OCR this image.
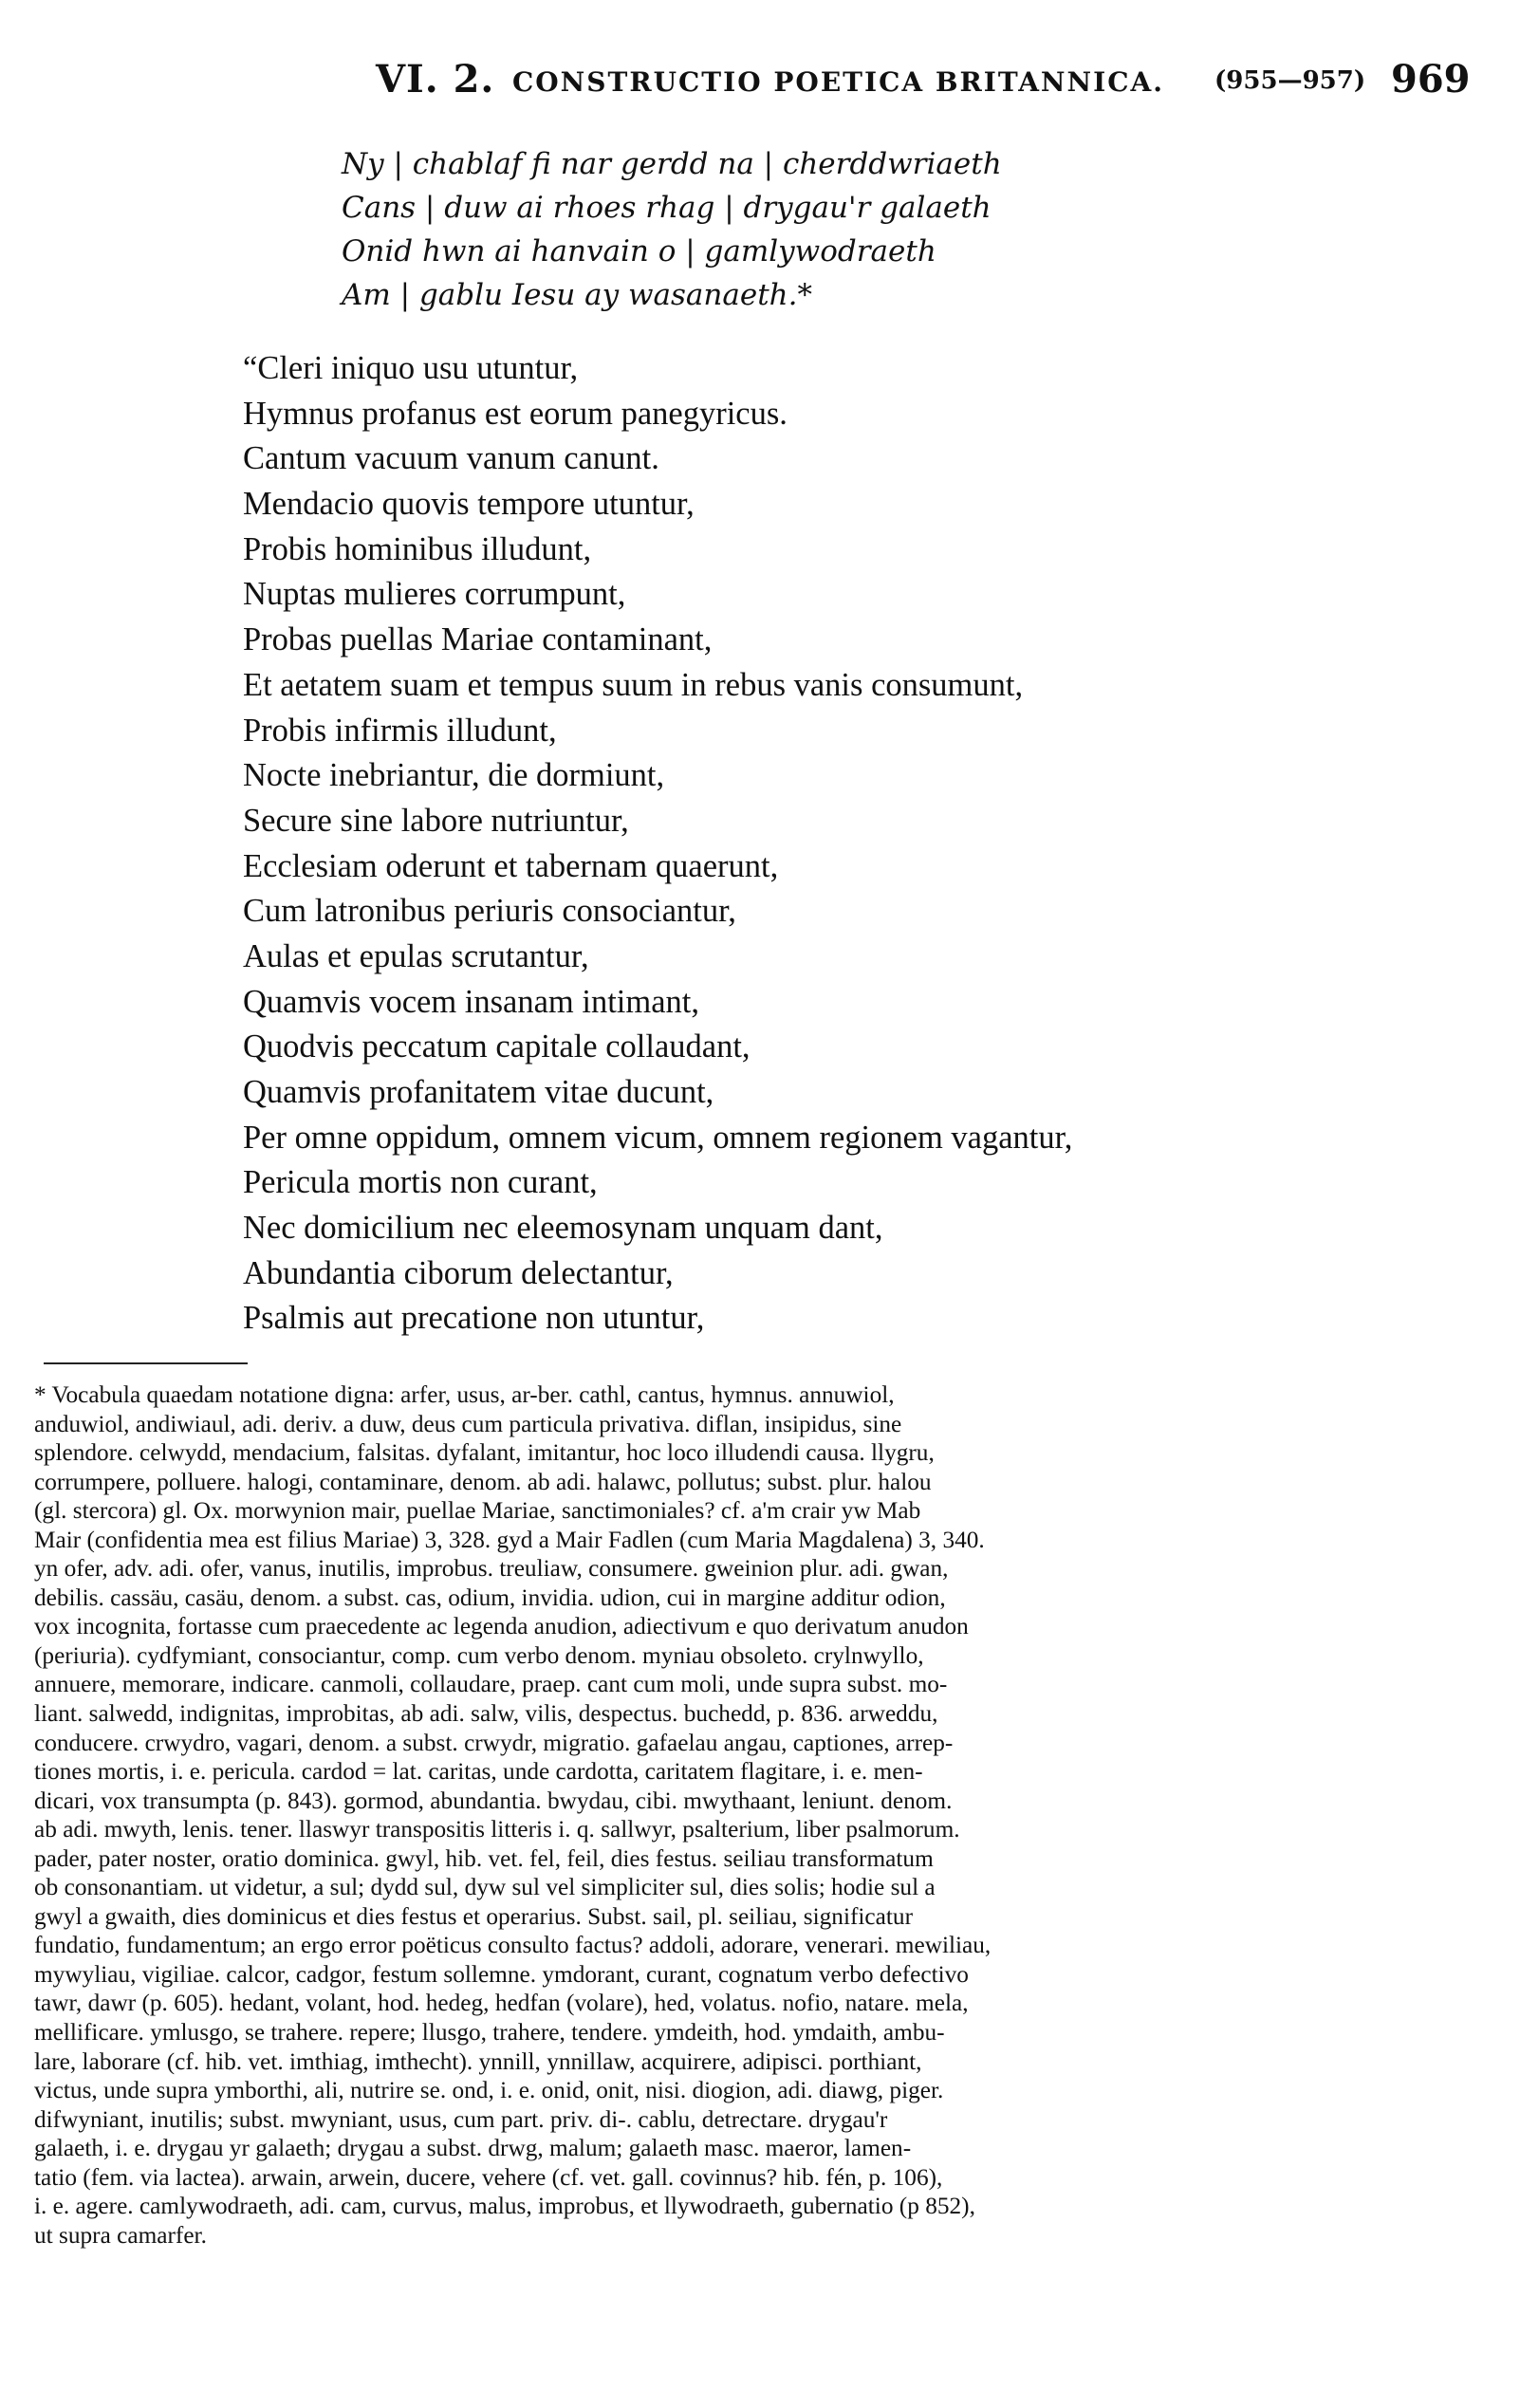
VI. 2. CONSTRUCTIO POETICA BRITANNICA. (955—957) 969
Ny | chablaf fi nar gerdd na | cherddwriaeth
Cans | duw ai rhoes rhag | drygau'r galaeth
Onid hwn ai hanvain o | gamlywodraeth
Am | gablu Iesu ay wasanaeth.*
“Cleri iniquo usu utuntur,
Hymnus profanus est eorum panegyricus.
Cantum vacuum vanum canunt.
Mendacio quovis tempore utuntur,
Probis hominibus illudunt,
Nuptas mulieres corrumpunt,
Probas puellas Mariae contaminant,
Et aetatem suam et tempus suum in rebus vanis consumunt,
Probis infirmis illudunt,
Nocte inebriantur, die dormiunt,
Secure sine labore nutriuntur,
Ecclesiam oderunt et tabernam quaerunt,
Cum latronibus periuris consociantur,
Aulas et epulas scrutantur,
Quamvis vocem insanam intimant,
Quodvis peccatum capitale collaudant,
Quamvis profanitatem vitae ducunt,
Per omne oppidum, omnem vicum, omnem regionem vagantur,
Pericula mortis non curant,
Nec domicilium nec eleemosynam unquam dant,
Abundantia ciborum delectantur,
Psalmis aut precatione non utuntur,
* Vocabula quaedam notatione digna: arfer, usus, ar-ber. cathl, cantus, hymnus. annuwiol,
anduwiol, andiwiaul, adi. deriv. a duw, deus cum particula privativa. diflan, insipidus, sine
splendore. celwydd, mendacium, falsitas. dyfalant, imitantur, hoc loco illudendi causa. llygru,
corrumpere, polluere. halogi, contaminare, denom. ab adi. halawc, pollutus; subst. plur. halou
(gl. stercora) gl. Ox. morwynion mair, puellae Mariae, sanctimoniales? cf. a'm crair yw Mab
Mair (confidentia mea est filius Mariae) 3, 328. gyd a Mair Fadlen (cum Maria Magdalena) 3, 340.
yn ofer, adv. adi. ofer, vanus, inutilis, improbus. treuliaw, consumere. gweinion plur. adi. gwan,
debilis. cassäu, casäu, denom. a subst. cas, odium, invidia. udion, cui in margine additur odion,
vox incognita, fortasse cum praecedente ac legenda anudion, adiectivum e quo derivatum anudon
(periuria). cydfymiant, consociantur, comp. cum verbo denom. myniau obsoleto. crylnwyllo,
annuere, memorare, indicare. canmoli, collaudare, praep. cant cum moli, unde supra subst. mo-
liant. salwedd, indignitas, improbitas, ab adi. salw, vilis, despectus. buchedd, p. 836. arweddu,
conducere. crwydro, vagari, denom. a subst. crwydr, migratio. gafaelau angau, captiones, arrep-
tiones mortis, i. e. pericula. cardod = lat. caritas, unde cardotta, caritatem flagitare, i. e. men-
dicari, vox transumpta (p. 843). gormod, abundantia. bwydau, cibi. mwythaant, leniunt. denom.
ab adi. mwyth, lenis. tener. llaswyr transpositis litteris i. q. sallwyr, psalterium, liber psalmorum.
pader, pater noster, oratio dominica. gwyl, hib. vet. fel, feil, dies festus. seiliau transformatum
ob consonantiam. ut videtur, a sul; dydd sul, dyw sul vel simpliciter sul, dies solis; hodie sul a
gwyl a gwaith, dies dominicus et dies festus et operarius. Subst. sail, pl. seiliau, significatur
fundatio, fundamentum; an ergo error poëticus consulto factus? addoli, adorare, venerari. mewiliau,
mywyliau, vigiliae. calcor, cadgor, festum sollemne. ymdorant, curant, cognatum verbo defectivo
tawr, dawr (p. 605). hedant, volant, hod. hedeg, hedfan (volare), hed, volatus. nofio, natare. mela,
mellificare. ymlusgo, se trahere. repere; llusgo, trahere, tendere. ymdeith, hod. ymdaith, ambu-
lare, laborare (cf. hib. vet. imthiag, imthecht). ynnill, ynnillaw, acquirere, adipisci. porthiant,
victus, unde supra ymborthi, ali, nutrire se. ond, i. e. onid, onit, nisi. diogion, adi. diawg, piger.
difwyniant, inutilis; subst. mwyniant, usus, cum part. priv. di-. cablu, detrectare. drygau'r
galaeth, i. e. drygau yr galaeth; drygau a subst. drwg, malum; galaeth masc. maeror, lamen-
tatio (fem. via lactea). arwain, arwein, ducere, vehere (cf. vet. gall. covinnus? hib. fén, p. 106),
i. e. agere. camlywodraeth, adi. cam, curvus, malus, improbus, et llywodraeth, gubernatio (p 852),
ut supra camarfer.
